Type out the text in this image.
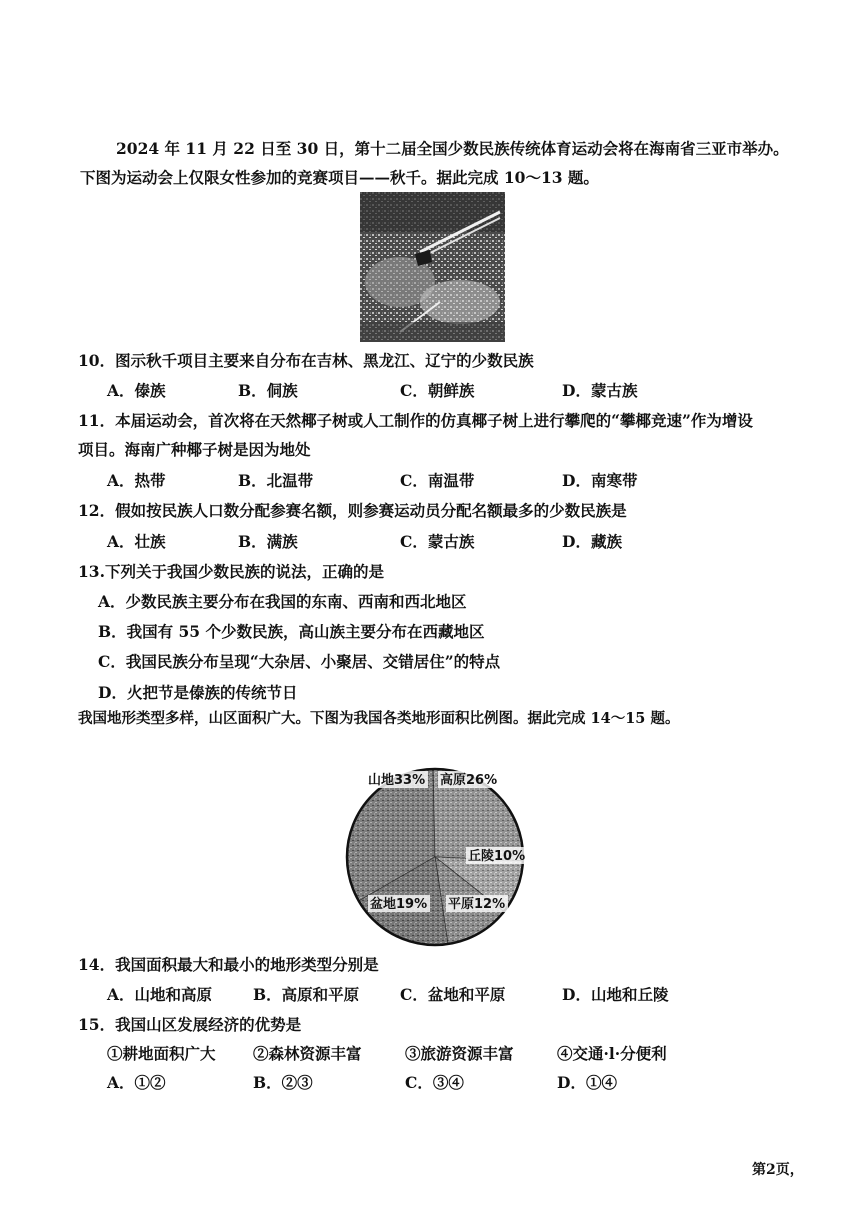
2024 年 11 月 22 日至 30 日，第十二届全国少数民族传统体育运动会将在海南省三亚市举办。
下图为运动会上仅限女性参加的竞赛项目——秋千。据此完成 10～13 题。
10．图示秋千项目主要来自分布在吉林、黑龙江、辽宁的少数民族
A．傣族	B．侗族	C．朝鲜族	D．蒙古族
11．本届运动会，首次将在天然椰子树或人工制作的仿真椰子树上进行攀爬的“攀椰竞速”作为增设
项目。海南广种椰子树是因为地处
A．热带	B．北温带	C．南温带	D．南寒带
12．假如按民族人口数分配参赛名额，则参赛运动员分配名额最多的少数民族是
A．壮族	B．满族	C．蒙古族	D．藏族
13.下列关于我国少数民族的说法，正确的是
A．少数民族主要分布在我国的东南、西南和西北地区
B．我国有 55 个少数民族，高山族主要分布在西藏地区
C．我国民族分布呈现“大杂居、小聚居、交错居住”的特点
D．火把节是傣族的传统节日
我国地形类型多样，山区面积广大。下图为我国各类地形面积比例图。据此完成 14～15 题。
山地33% 高原26%
丘陵10%
平原12%
盆地19%
14．我国面积最大和最小的地形类型分别是
A．山地和高原	B．高原和平原	C．盆地和平原	D．山地和丘陵
15．我国山区发展经济的优势是
①耕地面积广大 ②森林资源丰富	③旅游资源丰富	④交通·l·分便利
A．①②	B．②③	C．③④	D．①④
第2页，
